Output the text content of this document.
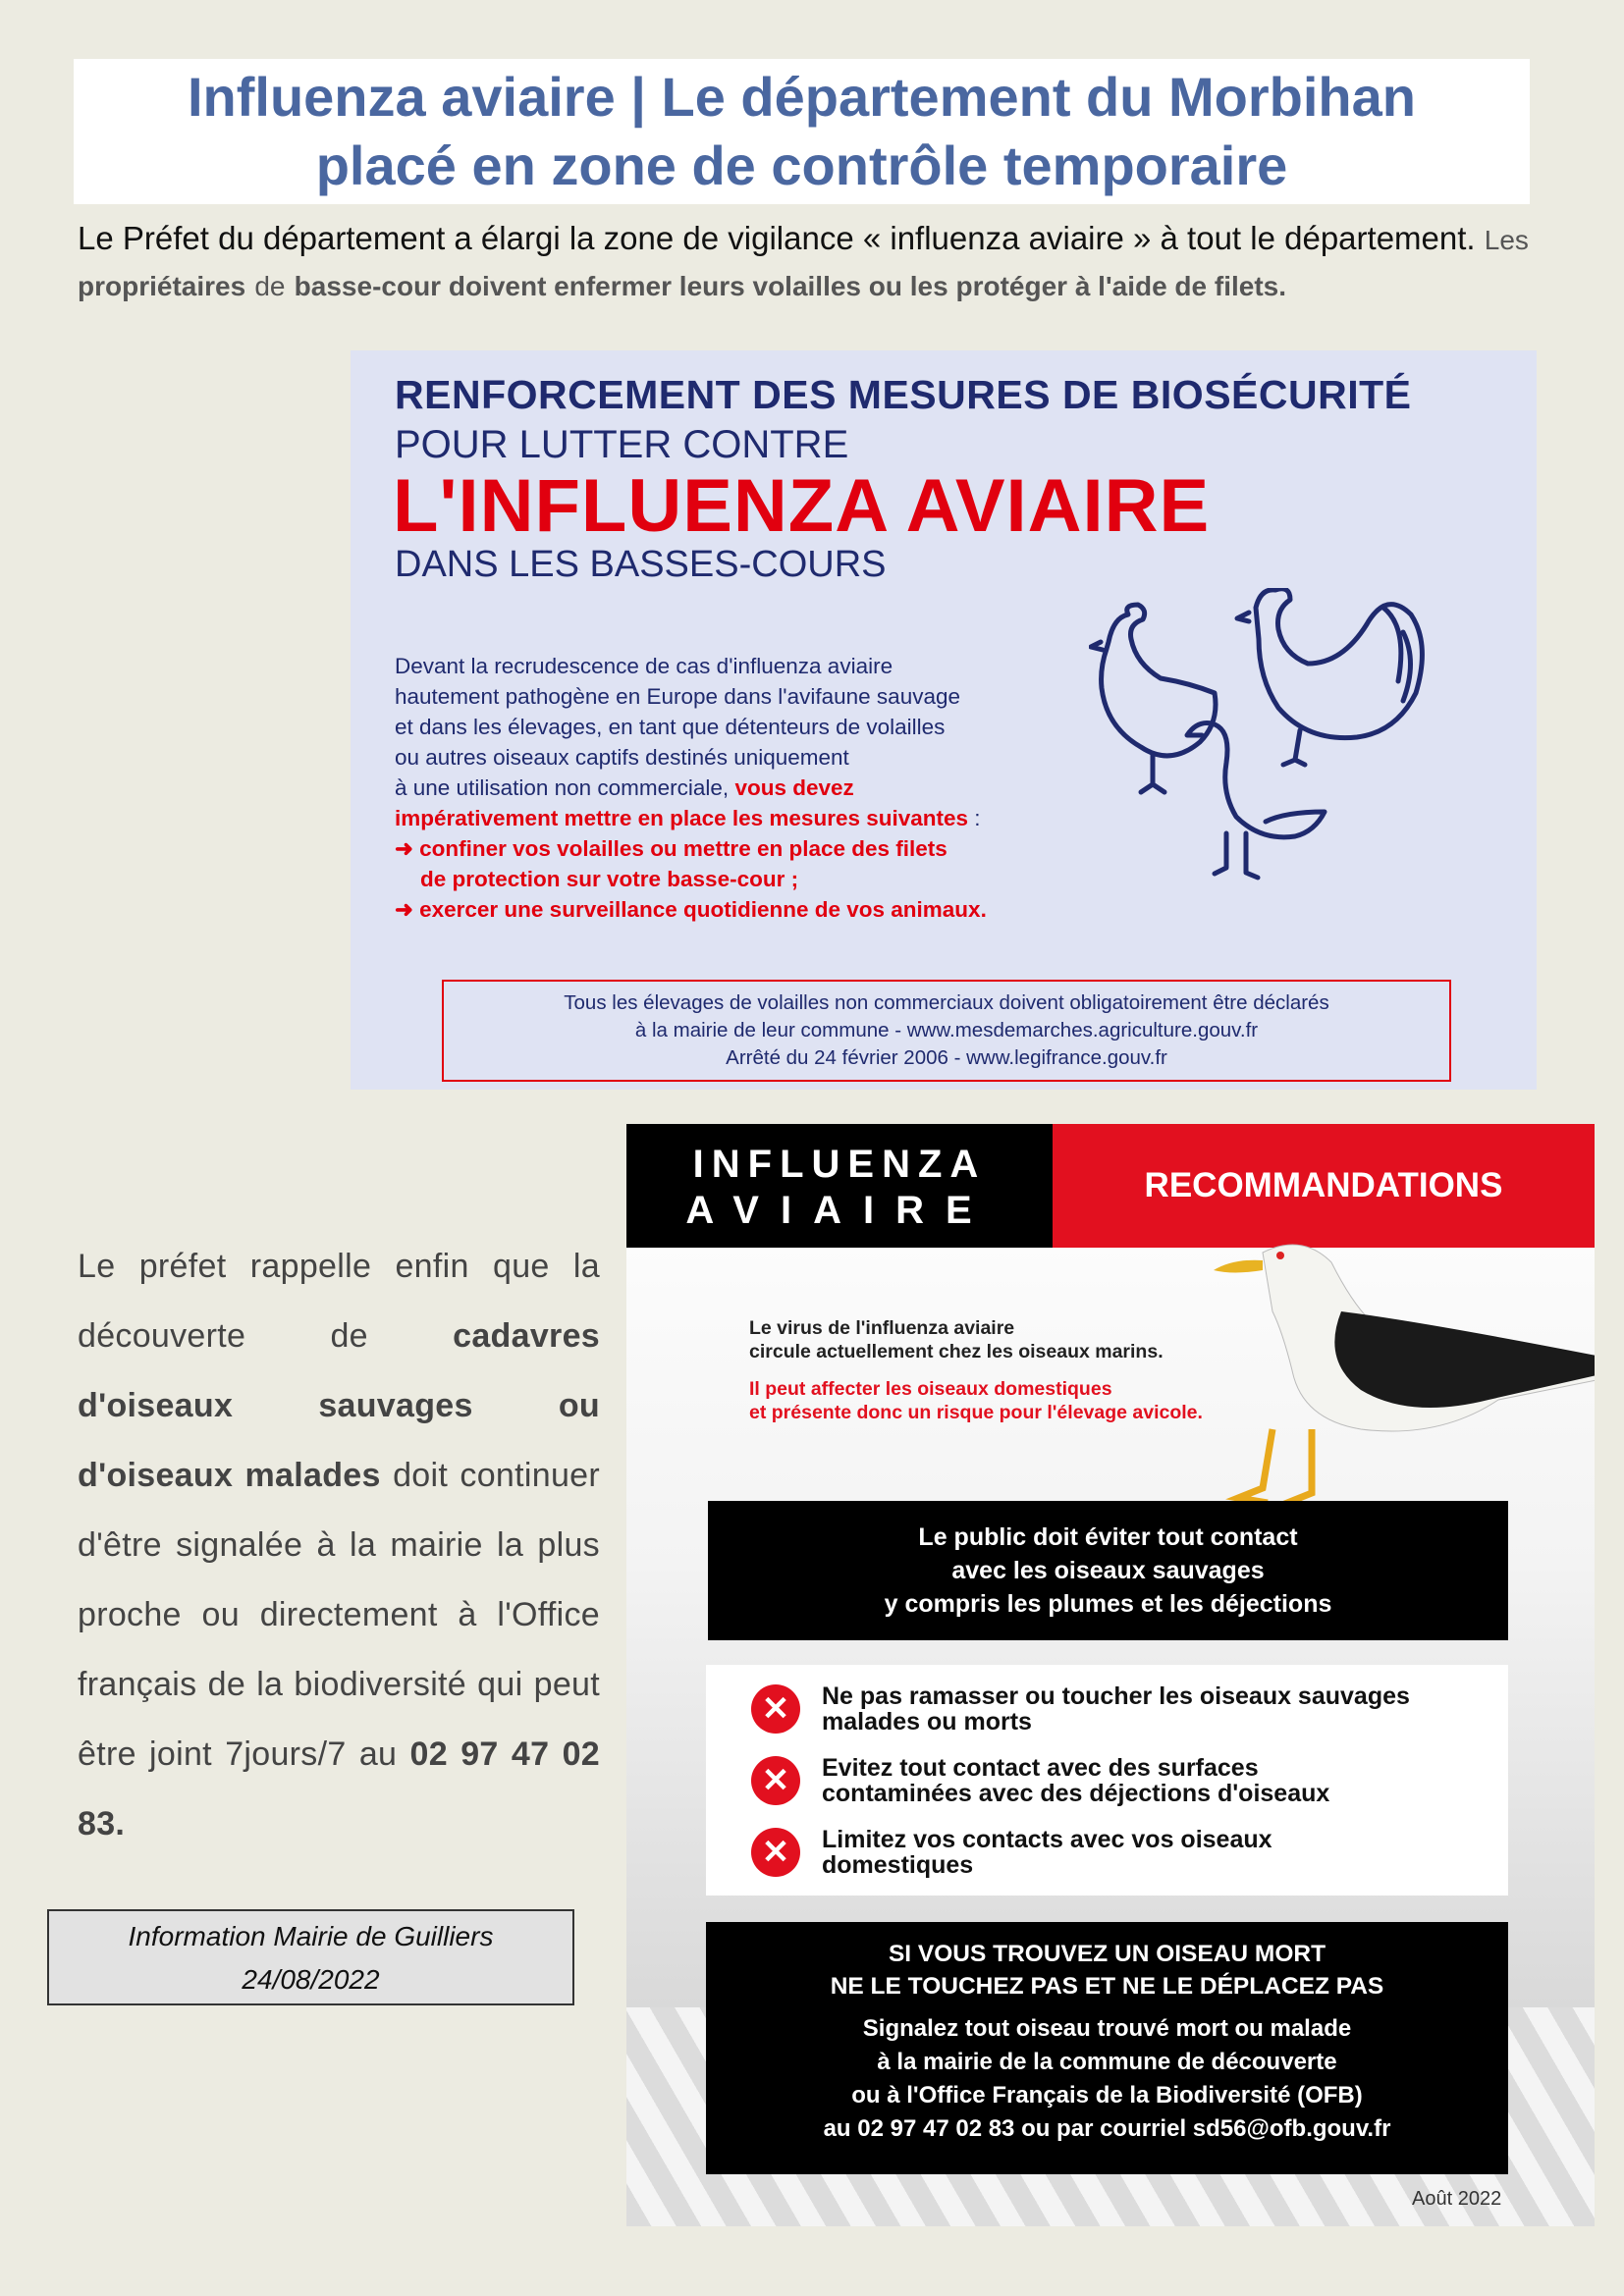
Influenza aviaire | Le département du Morbihan
placé en zone de contrôle temporaire
Le Préfet du département a élargi la zone de vigilance « influenza aviaire » à tout le département. Les propriétaires de basse-cour doivent enfermer leurs volailles ou les protéger à l'aide de filets.
RENFORCEMENT DES MESURES DE BIOSÉCURITÉ
POUR LUTTER CONTRE
L'INFLUENZA AVIAIRE
DANS LES BASSES-COURS
Devant la recrudescence de cas d'influenza aviaire
hautement pathogène en Europe dans l'avifaune sauvage
et dans les élevages, en tant que détenteurs de volailles
ou autres oiseaux captifs destinés uniquement
à une utilisation non commerciale, vous devez
impérativement mettre en place les mesures suivantes :
➜ confiner vos volailles ou mettre en place des filets
de protection sur votre basse-cour ;
➜ exercer une surveillance quotidienne de vos animaux.
Tous les élevages de volailles non commerciaux doivent obligatoirement être déclarés
à la mairie de leur commune - www.mesdemarches.agriculture.gouv.fr
Arrêté du 24 février 2006 - www.legifrance.gouv.fr
INFLUENZA
AVIAIRE
RECOMMANDATIONS
Le virus de l'influenza aviaire
circule actuellement chez les oiseaux marins.
Il peut affecter les oiseaux domestiques
et présente donc un risque pour l'élevage avicole.
Le public doit éviter tout contact
avec les oiseaux sauvages
y compris les plumes et les déjections
✕	Ne pas ramasser ou toucher les oiseaux sauvages
malades ou morts
✕	Evitez tout contact avec des surfaces
contaminées avec des déjections d'oiseaux
✕	Limitez vos contacts avec vos oiseaux
domestiques
SI VOUS TROUVEZ UN OISEAU MORT
NE LE TOUCHEZ PAS ET NE LE DÉPLACEZ PAS
Signalez tout oiseau trouvé mort ou malade
à la mairie de la commune de découverte
ou à l'Office Français de la Biodiversité (OFB)
au 02 97 47 02 83 ou par courriel sd56@ofb.gouv.fr
Août 2022
Le préfet rappelle enfin que la découverte de	cadavres d'oiseaux sauvages ou d'oiseaux malades doit continuer d'être signalée à la mairie la plus proche ou directement à l'Office français de la biodiversité qui peut être joint 7jours/7 au 02 97 47 02 83.
Information Mairie de Guilliers
24/08/2022
